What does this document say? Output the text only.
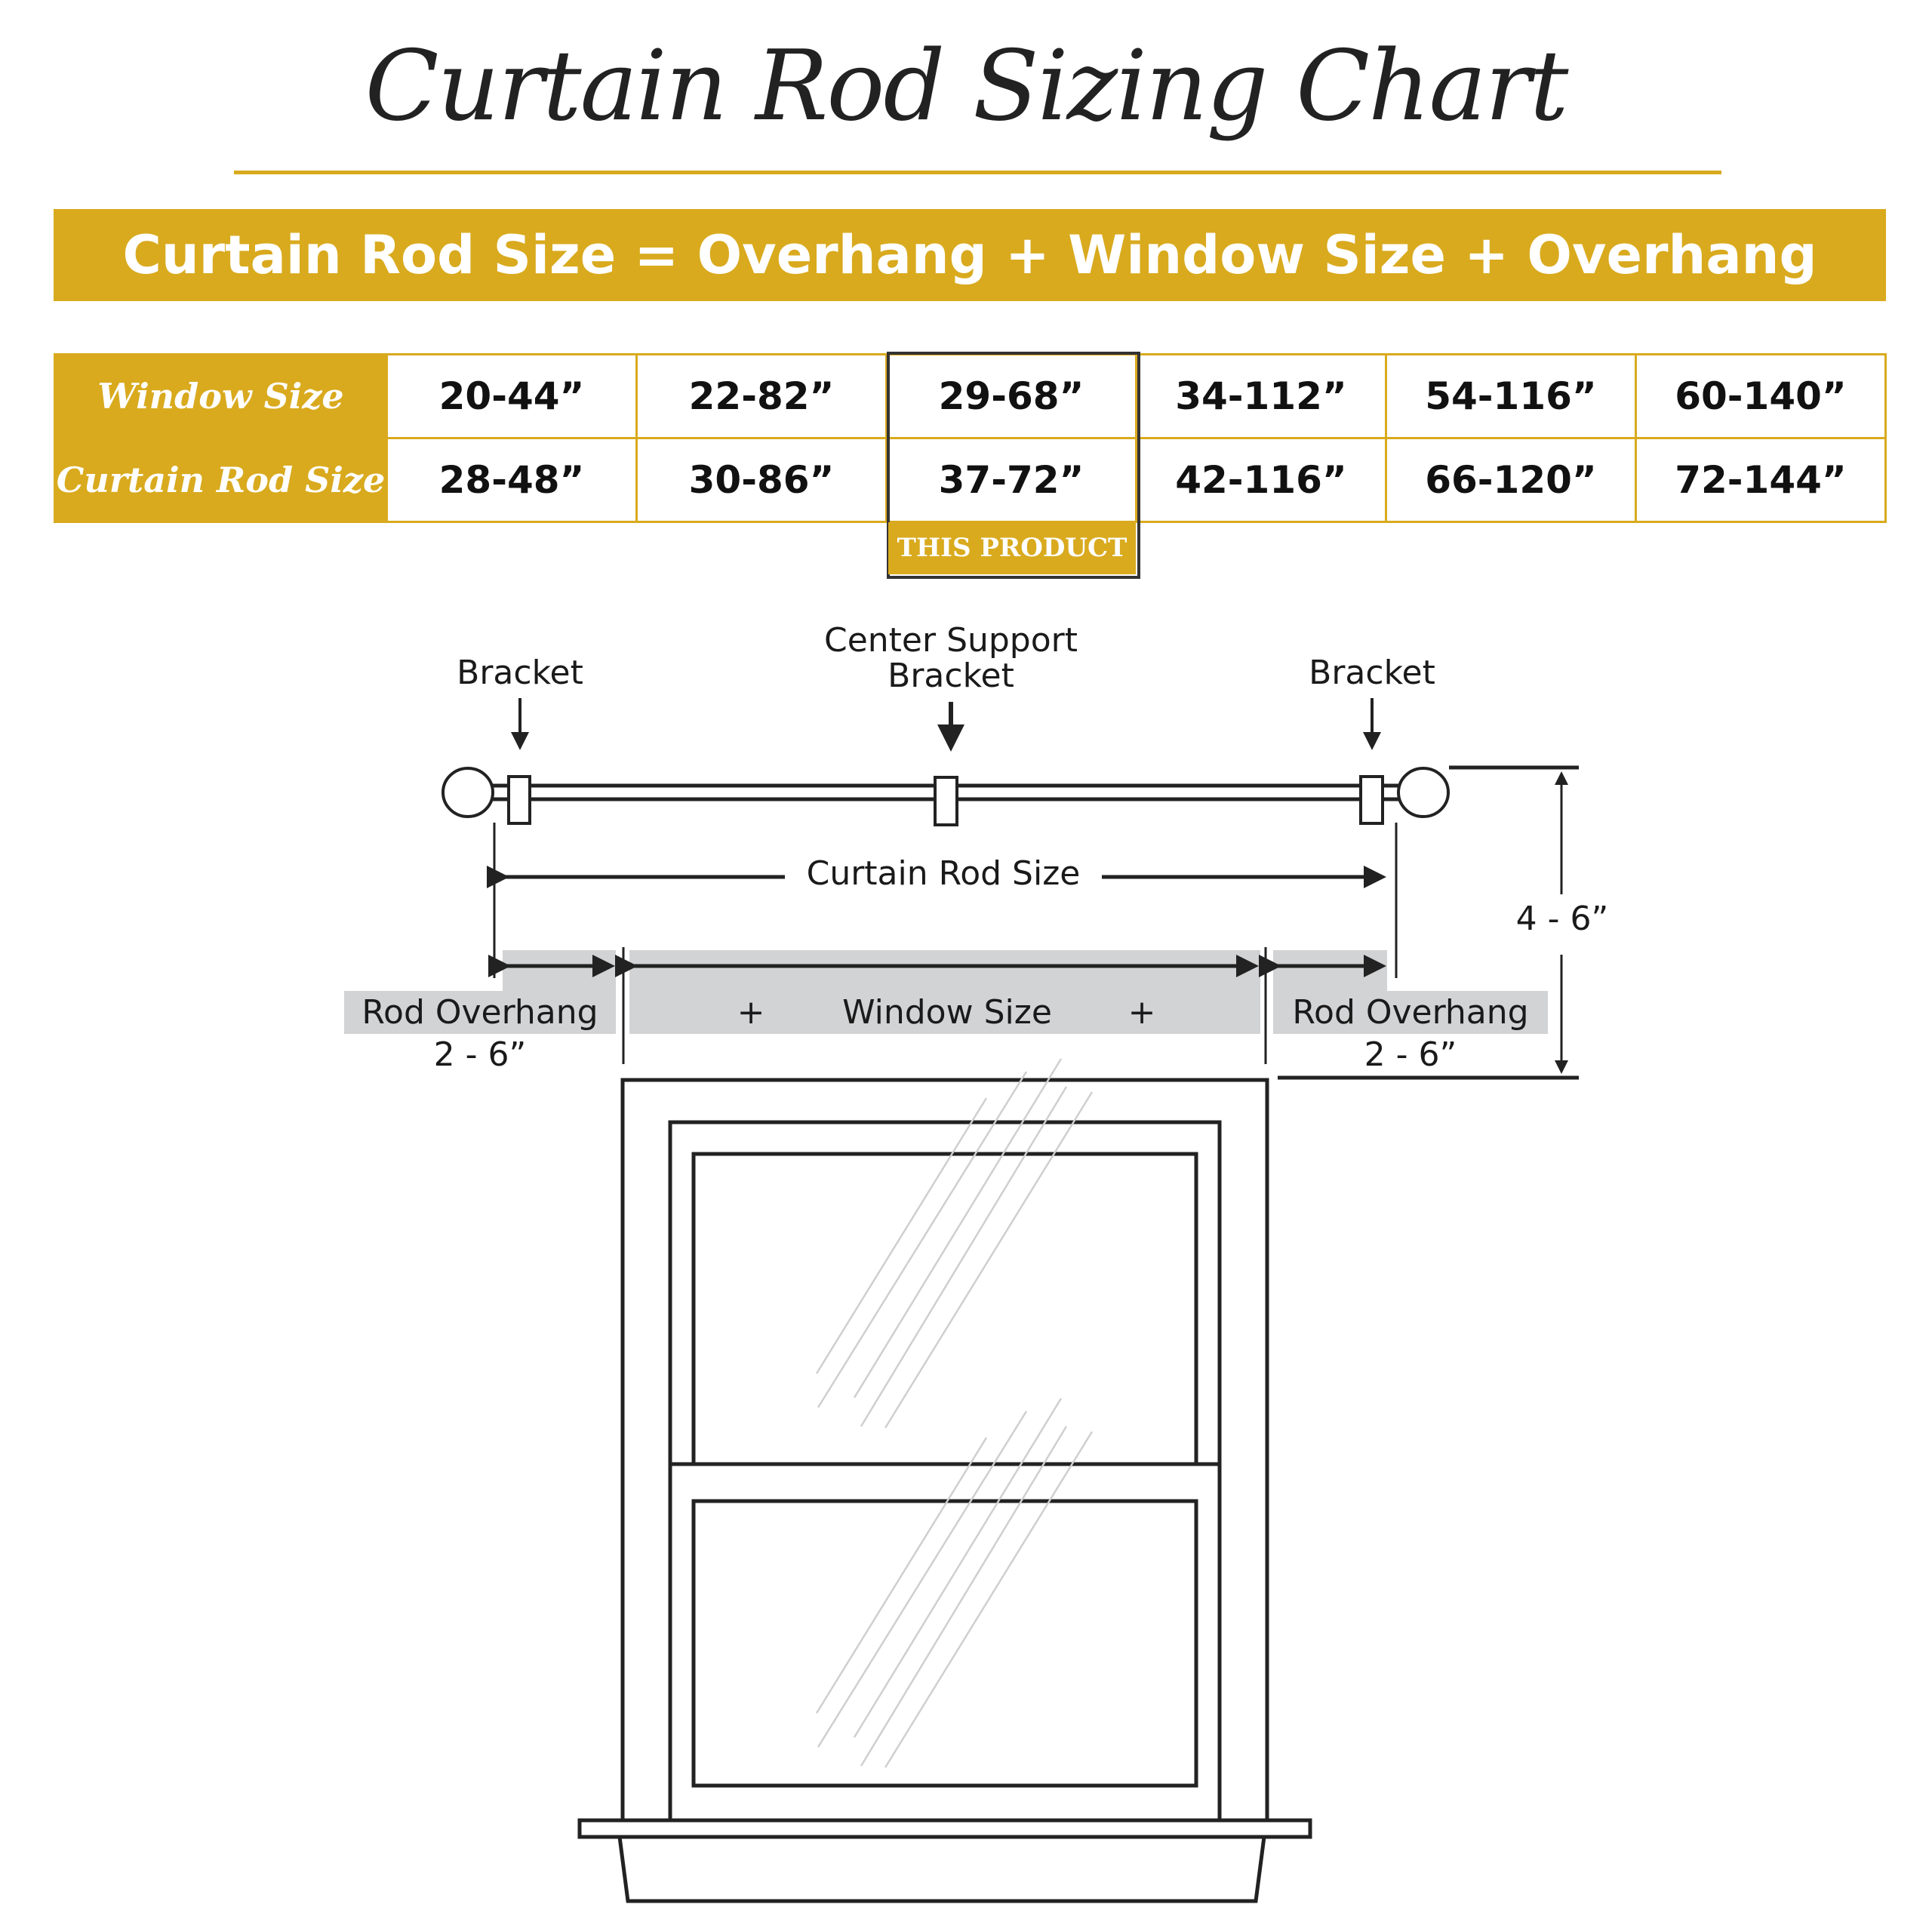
Curtain Rod Sizing Chart
Curtain Rod Size = Overhang + Window Size + Overhang
Window Size	20-44”	22-82”	29-68”	34-112”	54-116”	60-140”
Curtain Rod Size	28-48”	30-86”	37-72”	42-116”	66-120”	72-144”
THIS PRODUCT
Bracket
Center Support
Bracket	Bracket
Curtain Rod Size
Rod Overhang
2 - 6”
+	Window Size	+	Rod Overhang
2 - 6”
4 - 6”
